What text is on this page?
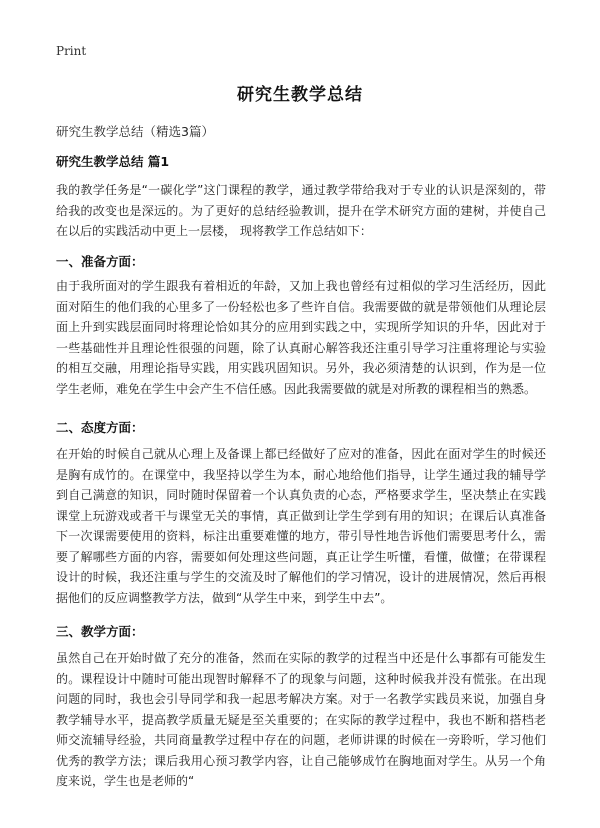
Print
研究生教学总结

研究生教学总结（精选3篇）

研究生教学总结 篇1

我的教学任务是“一碳化学”这门课程的教学，通过教学带给我对于专业的认识是深刻的，带给我的改变也是深远的。为了更好的总结经验教训，提升在学术研究方面的建树，并使自己在以后的实践活动中更上一层楼， 现将教学工作总结如下：

一、准备方面：

由于我所面对的学生跟我有着相近的年龄，又加上我也曾经有过相似的学习生活经历，因此面对陌生的他们我的心里多了一份轻松也多了些许自信。我需要做的就是带领他们从理论层面上升到实践层面同时将理论恰如其分的应用到实践之中，实现所学知识的升华，因此对于一些基础性并且理论性很强的问题，除了认真耐心解答我还注重引导学习注重将理论与实验的相互交融，用理论指导实践，用实践巩固知识。另外，我必须清楚的认识到，作为是一位学生老师，难免在学生中会产生不信任感。因此我需要做的就是对所教的课程相当的熟悉。

二、态度方面：

在开始的时候自己就从心理上及备课上都已经做好了应对的准备，因此在面对学生的时候还是胸有成竹的。在课堂中，我坚持以学生为本，耐心地给他们指导，让学生通过我的辅导学到自己满意的知识，同时随时保留着一个认真负责的心态，严格要求学生，坚决禁止在实践课堂上玩游戏或者干与课堂无关的事情，真正做到让学生学到有用的知识；在课后认真准备下一次课需要使用的资料，标注出重要难懂的地方，带引导性地告诉他们需要思考什么，需要了解哪些方面的内容，需要如何处理这些问题，真正让学生听懂，看懂，做懂；在带课程设计的时候，我还注重与学生的交流及时了解他们的学习情况，设计的进展情况，然后再根据他们的反应调整教学方法，做到“从学生中来，到学生中去”。

三、教学方面：

虽然自己在开始时做了充分的准备，然而在实际的教学的过程当中还是什么事都有可能发生的。课程设计中随时可能出现智时解释不了的现象与问题，这种时候我并没有慌张。在出现问题的同时，我也会引导同学和我一起思考解决方案。对于一名教学实践员来说，加强自身教学辅导水平，提高教学质量无疑是至关重要的；在实际的教学过程中，我也不断和搭档老师交流辅导经验，共同商量教学过程中存在的问题，老师讲课的时候在一旁聆听，学习他们优秀的教学方法；课后我用心预习教学内容，让自己能够成竹在胸地面对学生。从另一个角度来说，学生也是老师的“
